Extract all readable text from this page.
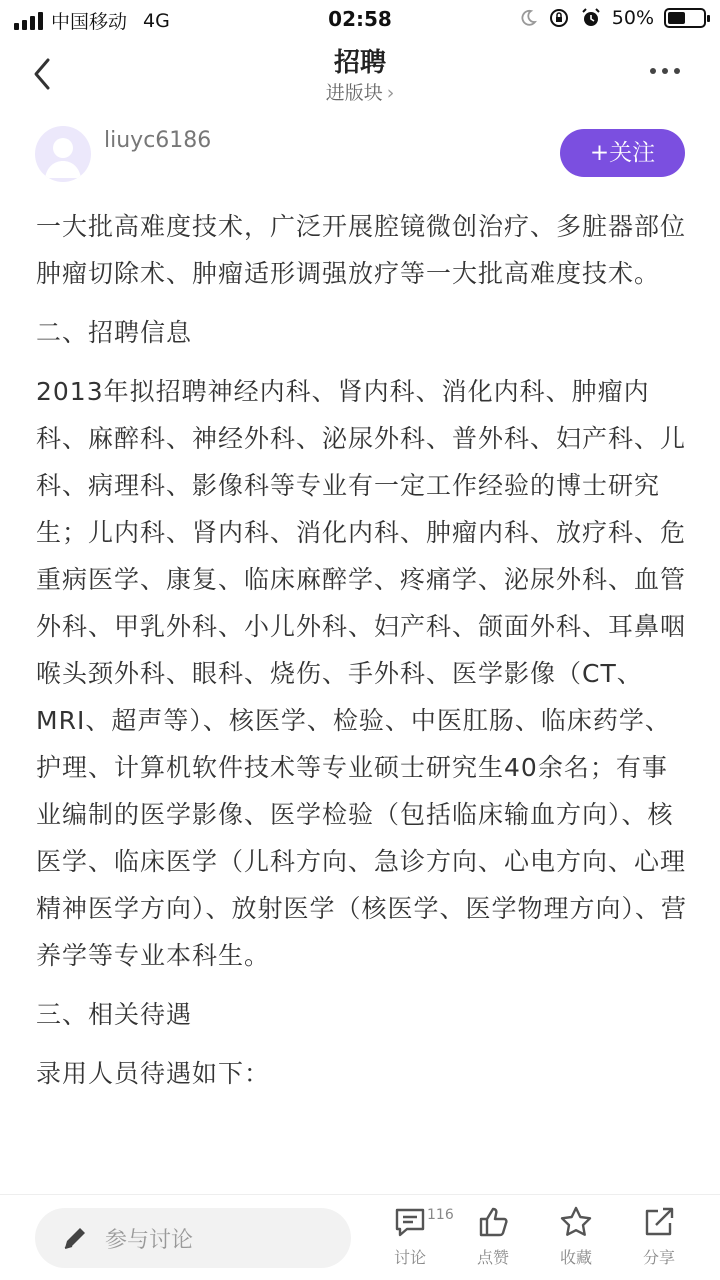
中国移动 4G	02:58	50%
招聘
进版块 ›
liuyc6186	+关注

一大批高难度技术，广泛开展腔镜微创治疗、多脏器部位肿瘤切除术、肿瘤适形调强放疗等一大批高难度技术。

二、招聘信息

2013年拟招聘神经内科、肾内科、消化内科、肿瘤内科、麻醉科、神经外科、泌尿外科、普外科、妇产科、儿科、病理科、影像科等专业有一定工作经验的博士研究生；儿内科、肾内科、消化内科、肿瘤内科、放疗科、危重病医学、康复、临床麻醉学、疼痛学、泌尿外科、血管外科、甲乳外科、小儿外科、妇产科、颌面外科、耳鼻咽喉头颈外科、眼科、烧伤、手外科、医学影像（CT、MRI、超声等）、核医学、检验、中医肛肠、临床药学、护理、计算机软件技术等专业硕士研究生40余名；有事业编制的医学影像、医学检验（包括临床输血方向）、核医学、临床医学（儿科方向、急诊方向、心电方向、心理精神医学方向）、放射医学（核医学、医学物理方向）、营养学等专业本科生。

三、相关待遇

录用人员待遇如下：

参与讨论
116
讨论	点赞	收藏	分享
